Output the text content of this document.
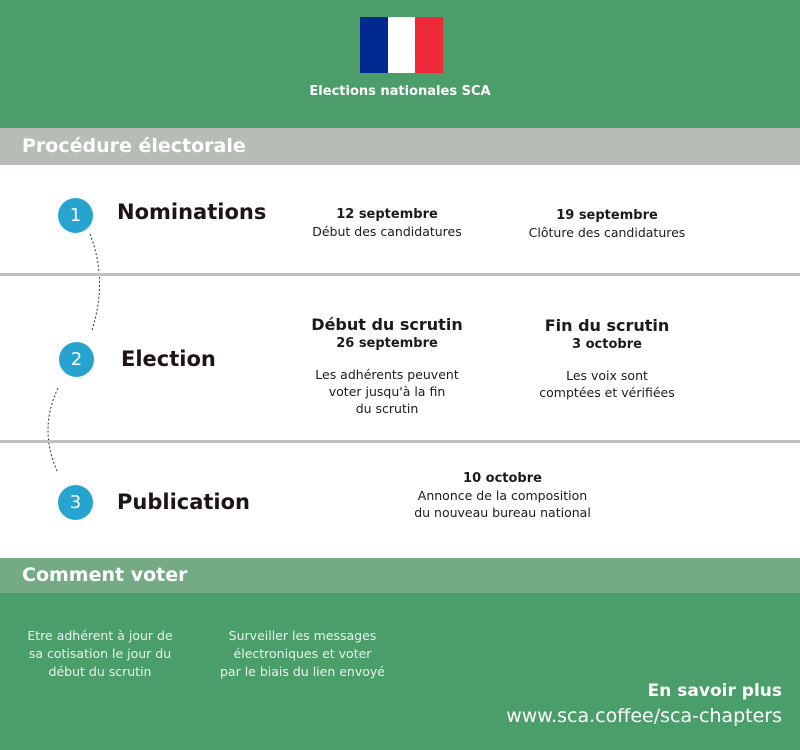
Elections nationales SCA
Procédure électorale
1	Nominations	12 septembre
Début des candidatures
19 septembre
Clôture des candidatures
2	Election
Début du scrutin
26 septembre
Les adhérents peuvent
voter jusqu'à la fin
du scrutin
Fin du scrutin
3 octobre
Les voix sont
comptées et vérifiées
3	Publication
10 octobre
Annonce de la composition
du nouveau bureau national
Comment voter
Etre adhérent à jour de
sa cotisation le jour du
début du scrutin
Surveiller les messages
électroniques et voter
par le biais du lien envoyé
En savoir plus
www.sca.coffee/sca-chapters
